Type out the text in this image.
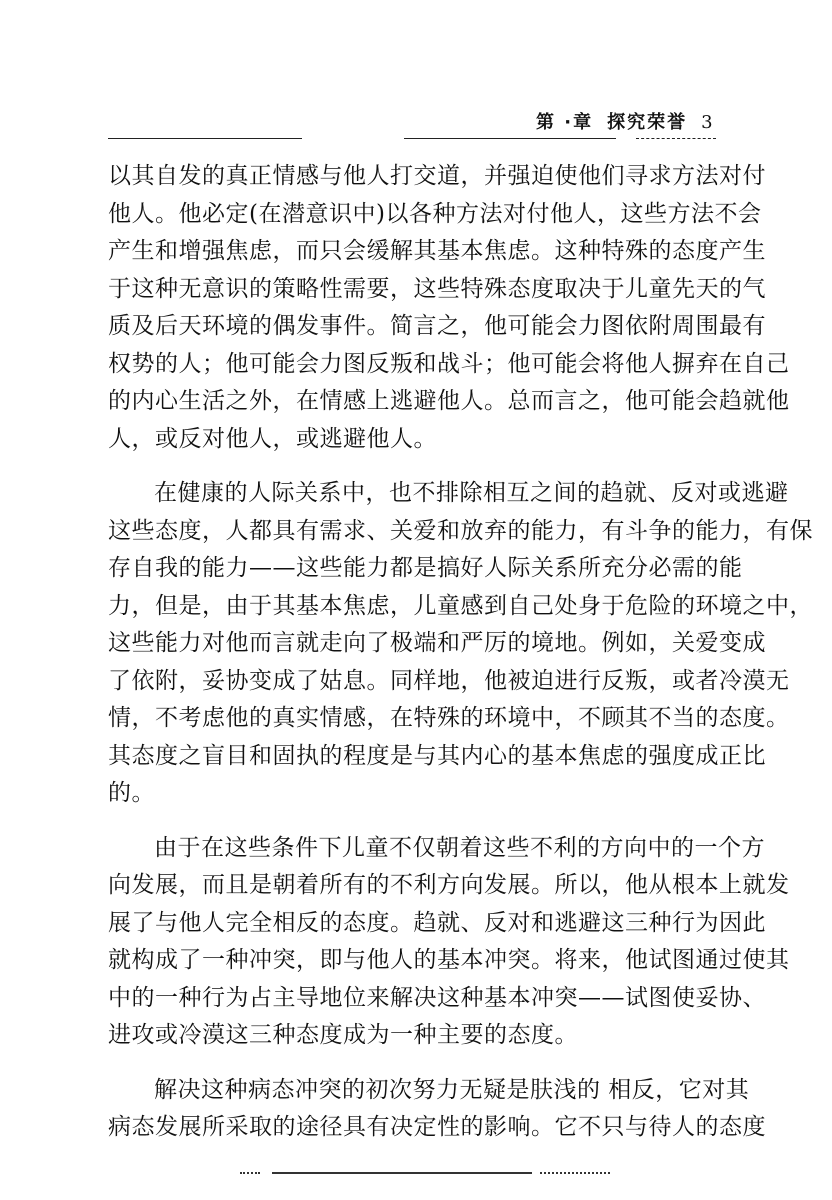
第 ·章 探究荣誉 3
以其自发的真正情感与他人打交道，并强迫使他们寻求方法对付
他人。他必定(在潜意识中)以各种方法对付他人，这些方法不会
产生和增强焦虑，而只会缓解其基本焦虑。这种特殊的态度产生
于这种无意识的策略性需要，这些特殊态度取决于儿童先天的气
质及后天环境的偶发事件。简言之，他可能会力图依附周围最有
权势的人；他可能会力图反叛和战斗；他可能会将他人摒弃在自己
的内心生活之外，在情感上逃避他人。总而言之，他可能会趋就他
人，或反对他人，或逃避他人。
在健康的人际关系中，也不排除相互之间的趋就、反对或逃避
这些态度，人都具有需求、关爱和放弃的能力，有斗争的能力，有保
存自我的能力——这些能力都是搞好人际关系所充分必需的能
力，但是，由于其基本焦虑，儿童感到自己处身于危险的环境之中，
这些能力对他而言就走向了极端和严厉的境地。例如，关爱变成
了依附，妥协变成了姑息。同样地，他被迫进行反叛，或者冷漠无
情，不考虑他的真实情感，在特殊的环境中，不顾其不当的态度。
其态度之盲目和固执的程度是与其内心的基本焦虑的强度成正比
的。
由于在这些条件下儿童不仅朝着这些不利的方向中的一个方
向发展，而且是朝着所有的不利方向发展。所以，他从根本上就发
展了与他人完全相反的态度。趋就、反对和逃避这三种行为因此
就构成了一种冲突，即与他人的基本冲突。将来，他试图通过使其
中的一种行为占主导地位来解决这种基本冲突——试图使妥协、
进攻或冷漠这三种态度成为一种主要的态度。
解决这种病态冲突的初次努力无疑是肤浅的 相反，它对其
病态发展所采取的途径具有决定性的影响。它不只与待人的态度
